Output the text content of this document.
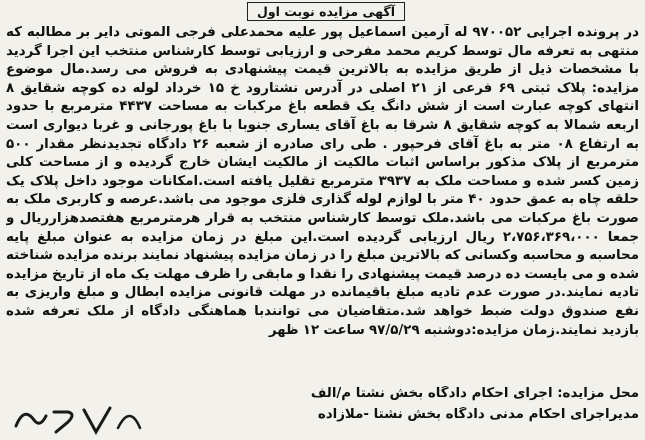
آگهی مزایده نوبت اول
در پرونده اجرایی ۹۷۰۰۵۲ له آرمین اسماعیل پور علیه محمدعلی فرجی الموتی دایر بر مطالبه که منتهی به تعرفه مال توسط کریم محمد مفرحی و ارزیابی توسط کارشناس منتخب این اجرا گردید با مشخصات ذیل از طریق مزایده به بالاترین قیمت پیشنهادی به فروش می رسد.مال موضوع مزایده: پلاک ثبتی ۶۹ فرعی از ۲۱ اصلی در آدرس نشتارود خ ۱۵ خرداد لوله ده کوچه شقایق ۸ انتهای کوچه عبارت است از شش دانگ یک قطعه باغ مرکبات به مساحت ۴۴۳۷ مترمربع با حدود اربعه شمالا به کوچه شقایق ۸ شرقا به باغ آقای یساری جنوبا با باغ پورجانی و غربا دیواری است به ارتفاع ۰۸ متر به باغ آقای فرحپور . طی رای صادره از شعبه ۲۶ دادگاه تجدیدنظر مقدار ۵۰۰ مترمربع از پلاک مذکور براساس اثبات مالکیت از مالکیت ایشان خارج گردیده و از مساحت کلی زمین کسر شده و مساحت ملک به ۳۹۳۷ مترمربع تقلیل یافته است.امکانات موجود داخل پلاک یک حلقه چاه به عمق حدود ۴۰ متر با لوازم لوله گذاری فلزی موجود می باشد.عرصه و کاربری ملک به صورت باغ مرکبات می باشد.ملک توسط کارشناس منتخب به قرار هرمترمربع هفتصدهزارریال و جمعا ۲،۷۵۶،۳۶۹،۰۰۰ ریال ارزیابی گردیده است.این مبلغ در زمان مزایده به عنوان مبلغ پایه محاسبه و محاسبه وکسانی که بالاترین مبلغ را در زمان مزایده پیشنهاد نمایند برنده مزایده شناخته شده و می بایست ده درصد قیمت پیشنهادی را نقدا و مابقی را ظرف مهلت یک ماه از تاریخ مزایده تادیه نمایند.در صورت عدم تادیه مبلغ باقیمانده در مهلت قانونی مزایده ابطال و مبلغ واریزی به نفع صندوق دولت ضبط خواهد شد.متقاضیان می توانندبا هماهنگی دادگاه از ملک تعرفه شده بازدید نمایند.زمان مزایده:دوشنبه ۹۷/۵/۲۹ ساعت ۱۲ ظهر
محل مزایده: اجرای احکام دادگاه بخش نشتا م/الف
مدیراجرای احکام مدنی دادگاه بخش نشتا -ملازاده
